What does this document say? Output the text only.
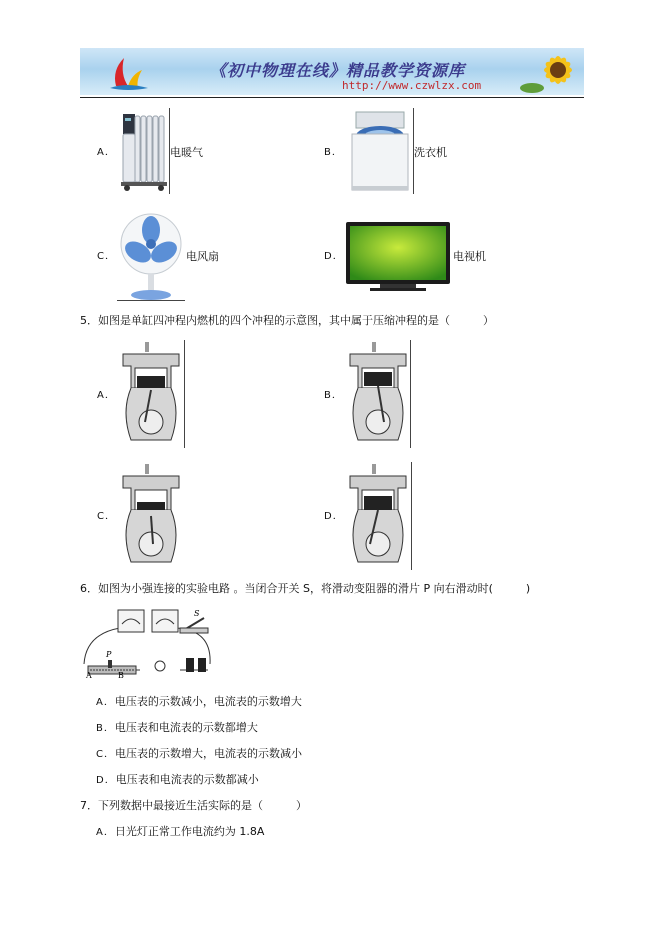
《初中物理在线》精品教学资源库
http://www.czwlzx.com
A．	电暖气	B．	洗衣机
C．	电风扇	D．	电视机
5．如图是单缸四冲程内燃机的四个冲程的示意图，其中属于压缩冲程的是（　　　）
A．	B．
C．	D．
6．如图为小强连接的实验电路 。当闭合开关 S，将滑动变阻器的滑片 P 向右滑动时(　　　)
P
A	B
S
A．电压表的示数减小，电流表的示数增大
B．电压表和电流表的示数都增大
C．电压表的示数增大，电流表的示数减小
D．电压表和电流表的示数都减小
7．下列数据中最接近生活实际的是（　　　）
A．日光灯正常工作电流约为 1.8A
